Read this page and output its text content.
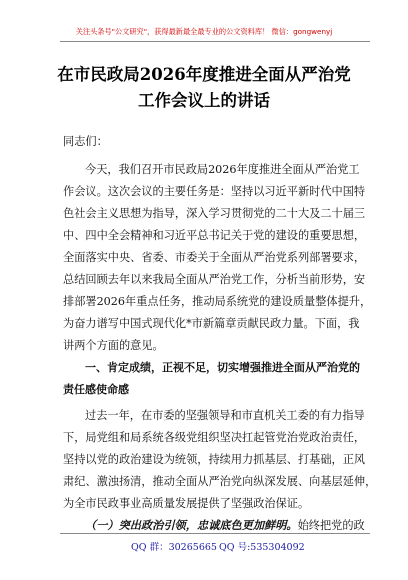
关注头条号"公文研究"，获得最新最全最专业的公文资料库！ 微信：gongwenyj
在市民政局2026年度推进全面从严治党
工作会议上的讲话
同志们：
今天，我们召开市民政局2026年度推进全面从严治党工
作会议。这次会议的主要任务是：坚持以习近平新时代中国特
色社会主义思想为指导，深入学习贯彻党的二十大及二十届三
中、四中全会精神和习近平总书记关于党的建设的重要思想，
全面落实中央、省委、市委关于全面从严治党系列部署要求，
总结回顾去年以来我局全面从严治党工作，分析当前形势，安
排部署2026年重点任务，推动局系统党的建设质量整体提升，
为奋力谱写中国式现代化*市新篇章贡献民政力量。下面，我
讲两个方面的意见。
一、肯定成绩，正视不足，切实增强推进全面从严治党的
责任感使命感
过去一年，在市委的坚强领导和市直机关工委的有力指导
下，局党组和局系统各级党组织坚决扛起管党治党政治责任，
坚持以党的政治建设为统领，持续用力抓基层、打基础，正风
肃纪、激浊扬清，推动全面从严治党向纵深发展、向基层延伸，
为全市民政事业高质量发展提供了坚强政治保证。
（一）突出政治引领，忠诚底色更加鲜明。始终把党的政
QQ 群：30265665 QQ 号:535304092
